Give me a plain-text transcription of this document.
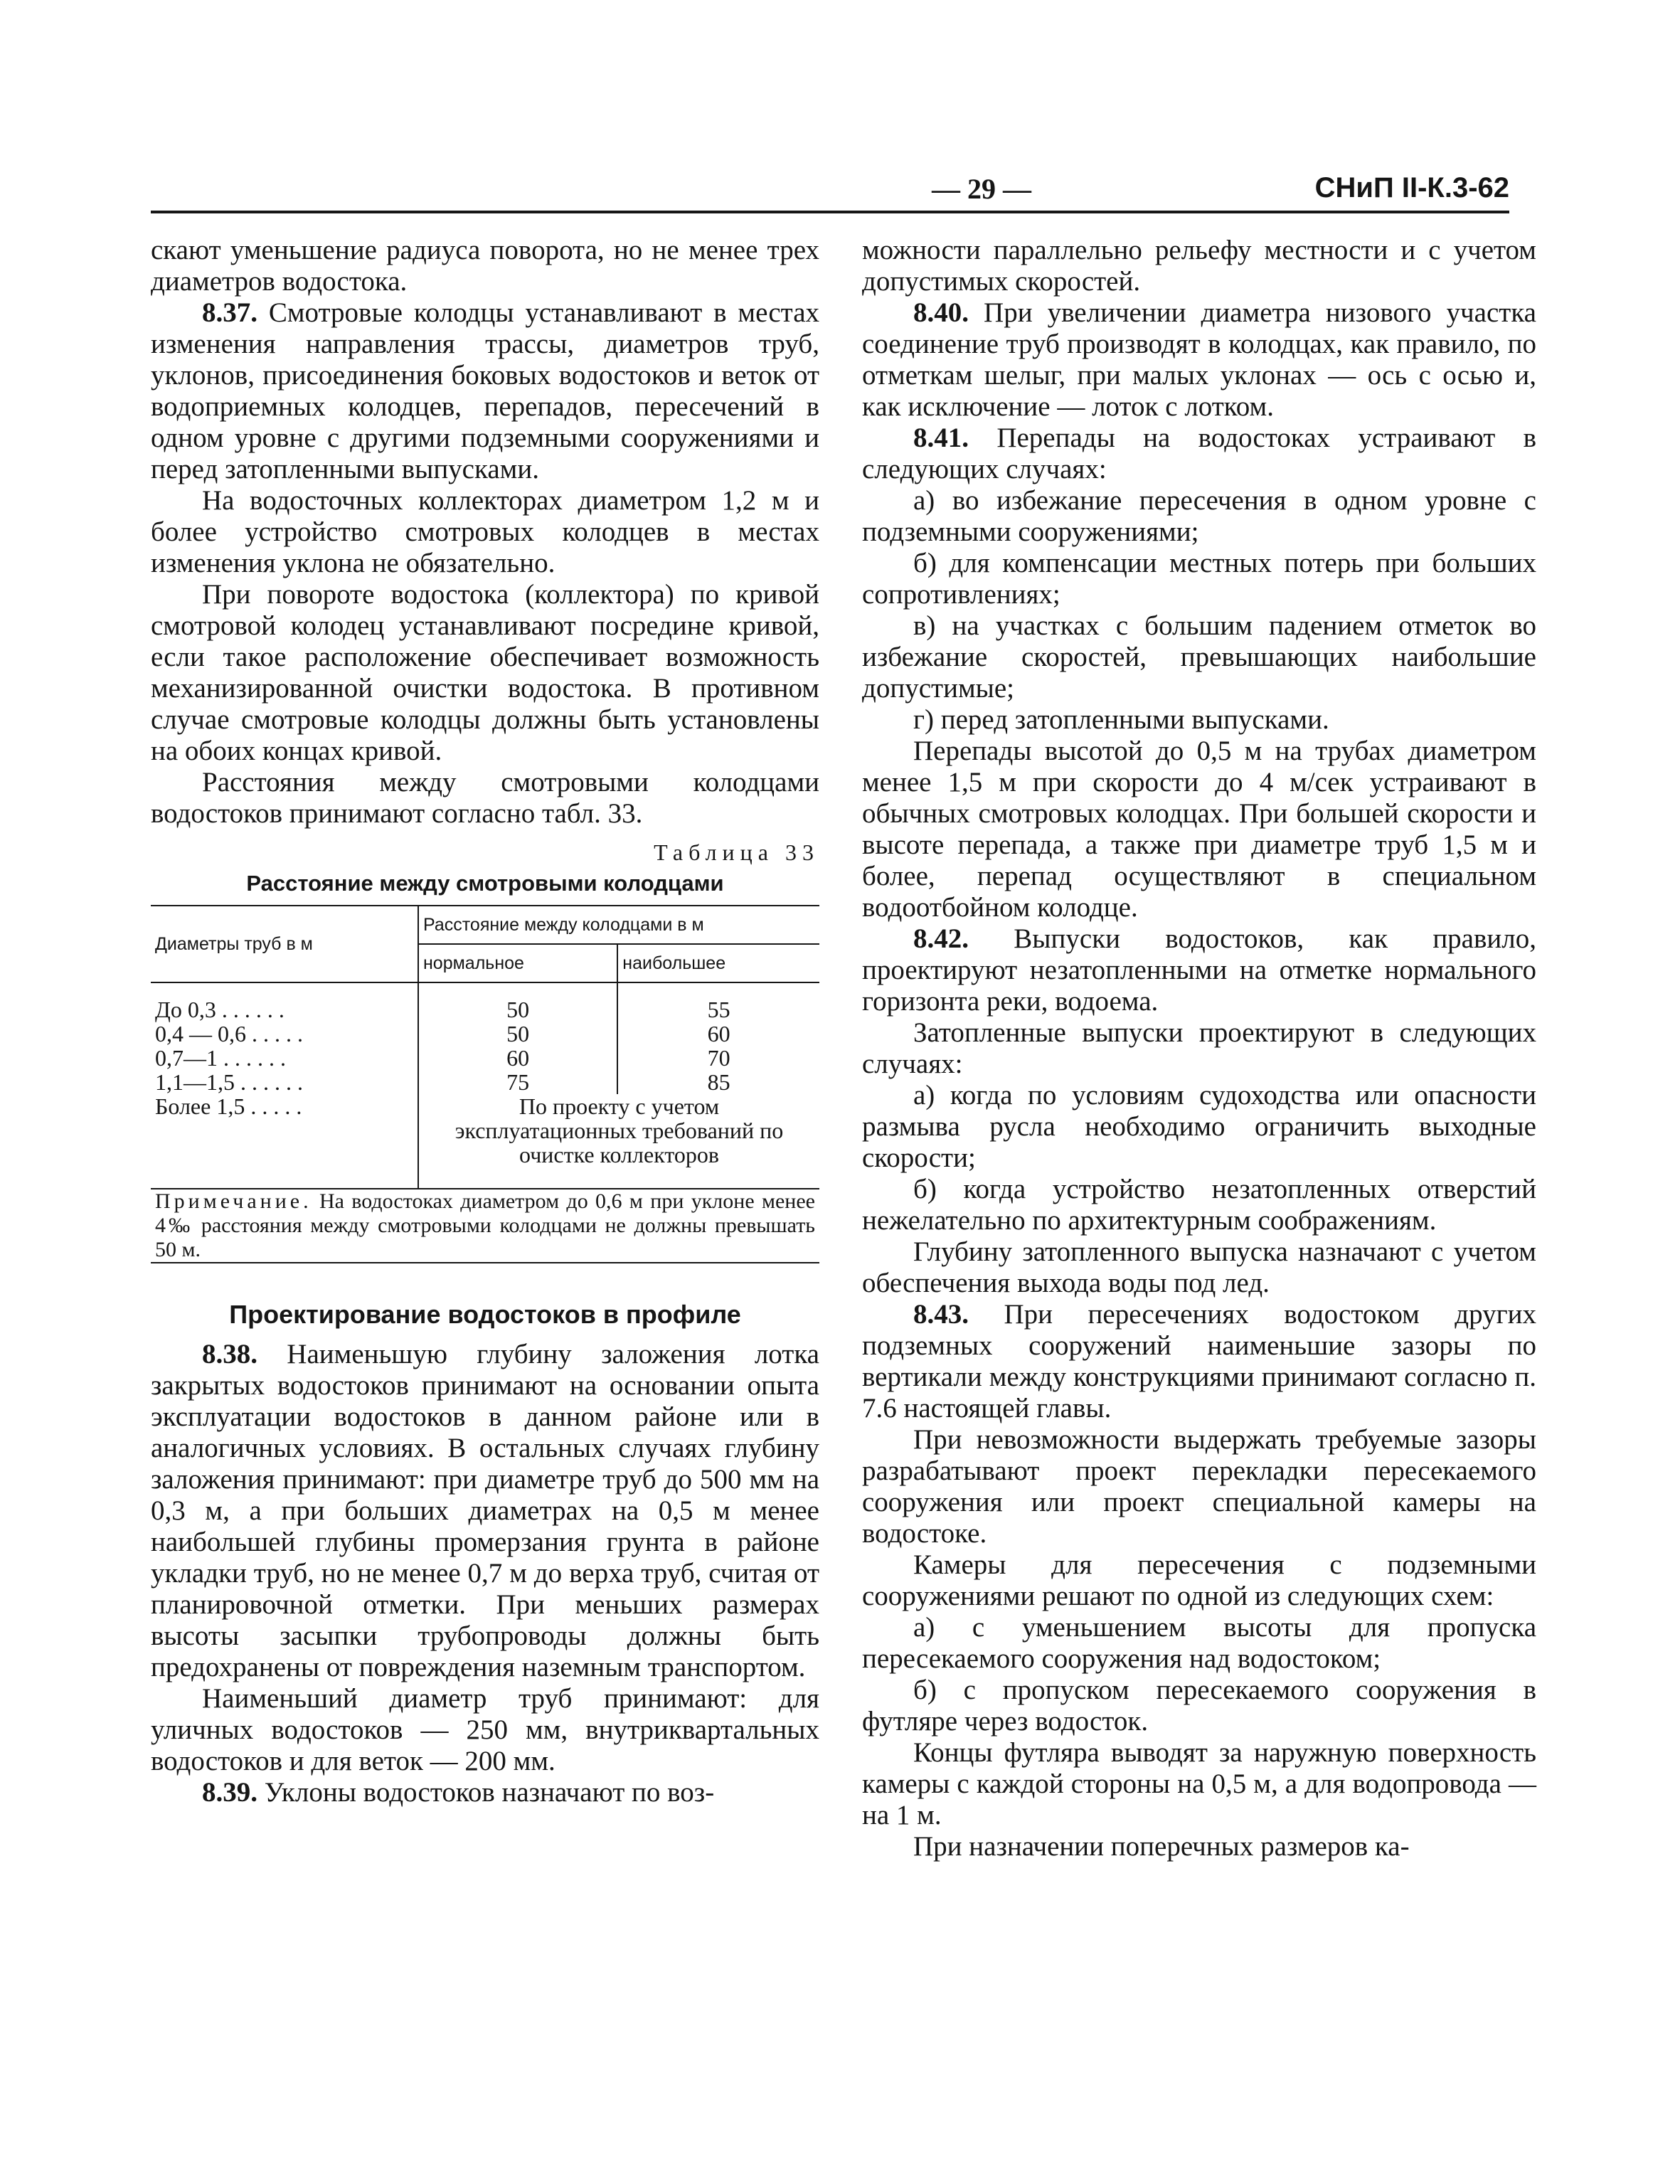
— 29 —	СНиП II-К.3-62

скают уменьшение радиуса поворота, но не менее трех диаметров водостока.

8.37. Смотровые колодцы устанавливают в местах изменения направления трассы, диаметров труб, уклонов, присоединения боковых водостоков и веток от водоприемных колодцев, перепадов, пересечений в одном уровне с другими подземными сооружениями и перед затопленными выпусками.

На водосточных коллекторах диаметром 1,2 м и более устройство смотровых колодцев в местах изменения уклона не обязательно.

При повороте водостока (коллектора) по кривой смотровой колодец устанавливают посредине кривой, если такое расположение обеспечивает возможность механизированной очистки водостока. В противном случае смотровые колодцы должны быть установлены на обоих концах кривой.

Расстояния между смотровыми колодцами водостоков принимают согласно табл. 33.

Таблица 33
Расстояние между смотровыми колодцами
Диаметры труб в м	Расстояние между колодцами в м	
	нормальное	наибольшее

До 0,3 . . . . . .	50	55
0,4 — 0,6 . . . . .	50	60
0,7—1 . . . . . .	60	70
1,1—1,5 . . . . . .	75	85
Более 1,5 . . . . .	По проекту с учетом эксплуатационных требований по очистке коллекторов	
Примечание. На водостоках диаметром до 0,6 м при уклоне менее 4‰ расстояния между смотровыми колодцами не должны превышать 50 м.		
Проектирование водостоков в профиле

8.38. Наименьшую глубину заложения лотка закрытых водостоков принимают на основании опыта эксплуатации водостоков в данном районе или в аналогичных условиях. В остальных случаях глубину заложения принимают: при диаметре труб до 500 мм на 0,3 м, а при больших диаметрах на 0,5 м менее наибольшей глубины промерзания грунта в районе укладки труб, но не менее 0,7 м до верха труб, считая от планировочной отметки. При меньших размерах высоты засыпки трубопроводы должны быть предохранены от повреждения наземным транспортом.

Наименьший диаметр труб принимают: для уличных водостоков — 250 мм, внутриквартальных водостоков и для веток — 200 мм.

8.39. Уклоны водостоков назначают по воз-

можности параллельно рельефу местности и с учетом допустимых скоростей.

8.40. При увеличении диаметра низового участка соединение труб производят в колодцах, как правило, по отметкам шелыг, при малых уклонах — ось с осью и, как исключение — лоток с лотком.

8.41. Перепады на водостоках устраивают в следующих случаях:

а) во избежание пересечения в одном уровне с подземными сооружениями;

б) для компенсации местных потерь при больших сопротивлениях;

в) на участках с большим падением отметок во избежание скоростей, превышающих наибольшие допустимые;

г) перед затопленными выпусками.

Перепады высотой до 0,5 м на трубах диаметром менее 1,5 м при скорости до 4 м/сек устраивают в обычных смотровых колодцах. При большей скорости и высоте перепада, а также при диаметре труб 1,5 м и более, перепад осуществляют в специальном водоотбойном колодце.

8.42. Выпуски водостоков, как правило, проектируют незатопленными на отметке нормального горизонта реки, водоема.

Затопленные выпуски проектируют в следующих случаях:

а) когда по условиям судоходства или опасности размыва русла необходимо ограничить выходные скорости;

б) когда устройство незатопленных отверстий нежелательно по архитектурным соображениям.

Глубину затопленного выпуска назначают с учетом обеспечения выхода воды под лед.

8.43. При пересечениях водостоком других подземных сооружений наименьшие зазоры по вертикали между конструкциями принимают согласно п. 7.6 настоящей главы.

При невозможности выдержать требуемые зазоры разрабатывают проект перекладки пересекаемого сооружения или проект специальной камеры на водостоке.

Камеры для пересечения с подземными сооружениями решают по одной из следующих схем:

а) с уменьшением высоты для пропуска пересекаемого сооружения над водостоком;

б) с пропуском пересекаемого сооружения в футляре через водосток.

Концы футляра выводят за наружную поверхность камеры с каждой стороны на 0,5 м, а для водопровода — на 1 м.

При назначении поперечных размеров ка-
